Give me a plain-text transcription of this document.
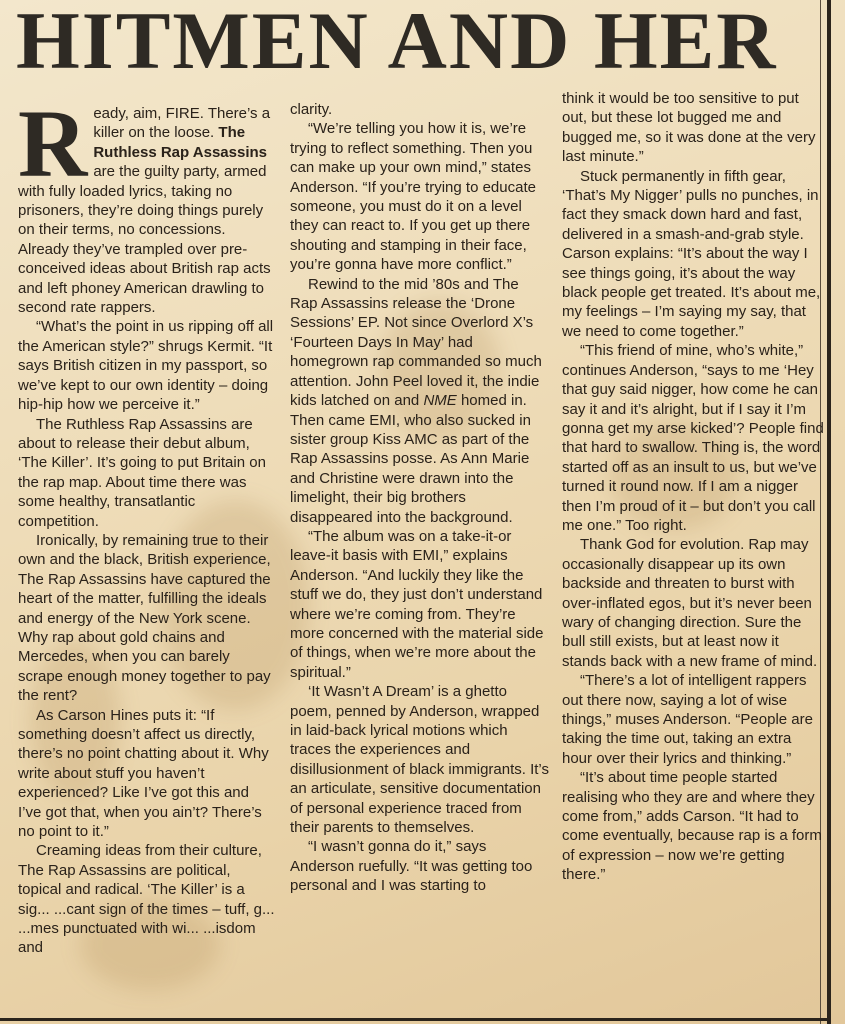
HITMEN AND HER

Ready, aim, FIRE. There’s a killer on the loose. The Ruthless Rap Assassins are the guilty party, armed with fully loaded lyrics, taking no prisoners, they’re doing things purely on their terms, no concessions. Already they’ve trampled over pre-conceived ideas about British rap acts and left phoney American drawling to second rate rappers.

“What’s the point in us ripping off all the American style?” shrugs Kermit. “It says British citizen in my passport, so we’ve kept to our own identity – doing hip-hip how we perceive it.”

The Ruthless Rap Assassins are about to release their debut album, ‘The Killer’. It’s going to put Britain on the rap map. About time there was some healthy, transatlantic competition.

Ironically, by remaining true to their own and the black, British experience, The Rap Assassins have captured the heart of the matter, fulfilling the ideals and energy of the New York scene. Why rap about gold chains and Mercedes, when you can barely scrape enough money together to pay the rent?

As Carson Hines puts it: “If something doesn’t affect us directly, there’s no point chatting about it. Why write about stuff you haven’t experienced? Like I’ve got this and I’ve got that, when you ain’t? There’s no point to it.”

Creaming ideas from their culture, The Rap Assassins are political, topical and radical. ‘The Killer’ is a sig... ...cant sign of the times – tuff, g... ...mes punctuated with wi... ...isdom and

clarity.

“We’re telling you how it is, we’re trying to reflect something. Then you can make up your own mind,” states Anderson. “If you’re trying to educate someone, you must do it on a level they can react to. If you get up there shouting and stamping in their face, you’re gonna have more conflict.”

Rewind to the mid ’80s and The Rap Assassins release the ‘Drone Sessions’ EP. Not since Overlord X’s ‘Fourteen Days In May’ had homegrown rap commanded so much attention. John Peel loved it, the indie kids latched on and NME homed in. Then came EMI, who also sucked in sister group Kiss AMC as part of the Rap Assassins posse. As Ann Marie and Christine were drawn into the limelight, their big brothers disappeared into the background.

“The album was on a take-it-or leave-it basis with EMI,” explains Anderson. “And luckily they like the stuff we do, they just don’t understand where we’re coming from. They’re more concerned with the material side of things, when we’re more about the spiritual.”

‘It Wasn’t A Dream’ is a ghetto poem, penned by Anderson, wrapped in laid-back lyrical motions which traces the experiences and disillusionment of black immigrants. It’s an articulate, sensitive documentation of personal experience traced from their parents to themselves.

“I wasn’t gonna do it,” says Anderson ruefully. “It was getting too personal and I was starting to

think it would be too sensitive to put out, but these lot bugged me and bugged me, so it was done at the very last minute.”

Stuck permanently in fifth gear, ‘That’s My Nigger’ pulls no punches, in fact they smack down hard and fast, delivered in a smash-and-grab style. Carson explains: “It’s about the way I see things going, it’s about the way black people get treated. It’s about me, my feelings – I’m saying my say, that we need to come together.”

“This friend of mine, who’s white,” continues Anderson, “says to me ‘Hey that guy said nigger, how come he can say it and it’s alright, but if I say it I’m gonna get my arse kicked’? People find that hard to swallow. Thing is, the word started off as an insult to us, but we’ve turned it round now. If I am a nigger then I’m proud of it – but don’t you call me one.” Too right.

Thank God for evolution. Rap may occasionally disappear up its own backside and threaten to burst with over-inflated egos, but it’s never been wary of changing direction. Sure the bull still exists, but at least now it stands back with a new frame of mind.

“There’s a lot of intelligent rappers out there now, saying a lot of wise things,” muses Anderson. “People are taking the time out, taking an extra hour over their lyrics and thinking.”

“It’s about time people started realising who they are and where they come from,” adds Carson. “It had to come eventually, because rap is a form of expression – now we’re getting there.”
